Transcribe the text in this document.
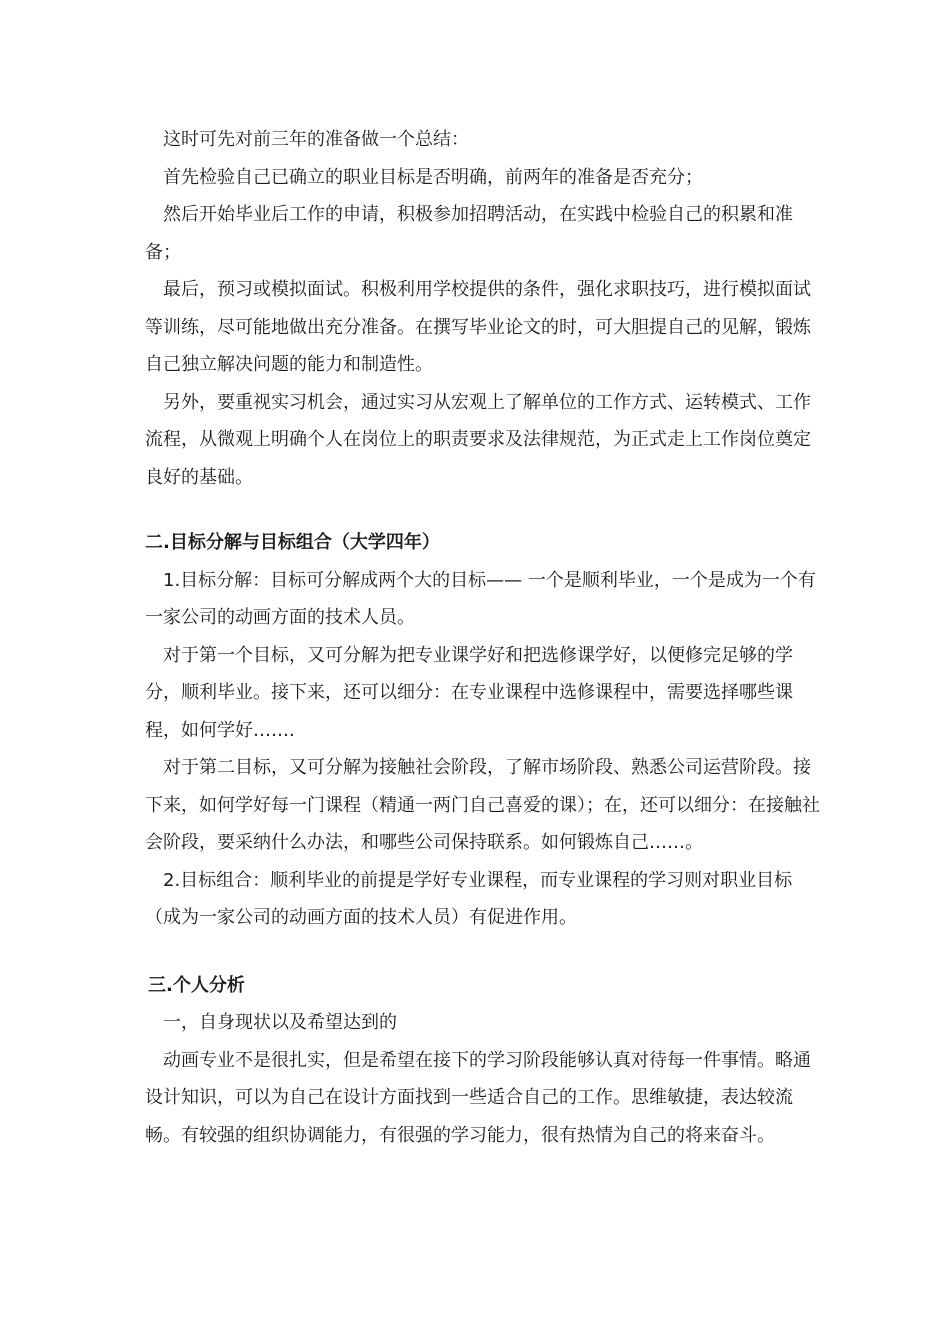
这时可先对前三年的准备做一个总结：

首先检验自己已确立的职业目标是否明确，前两年的准备是否充分；

然后开始毕业后工作的申请，积极参加招聘活动，在实践中检验自己的积累和准备；

最后，预习或模拟面试。积极利用学校提供的条件，强化求职技巧，进行模拟面试等训练，尽可能地做出充分准备。在撰写毕业论文的时，可大胆提自己的见解，锻炼自己独立解决问题的能力和制造性。

另外，要重视实习机会，通过实习从宏观上了解单位的工作方式、运转模式、工作流程，从微观上明确个人在岗位上的职责要求及法律规范，为正式走上工作岗位奠定良好的基础。

二.目标分解与目标组合（大学四年）

1.目标分解：目标可分解成两个大的目标—— 一个是顺利毕业，一个是成为一个有一家公司的动画方面的技术人员。

对于第一个目标，又可分解为把专业课学好和把选修课学好，以便修完足够的学分，顺利毕业。接下来，还可以细分：在专业课程中选修课程中，需要选择哪些课程，如何学好…….

对于第二目标，又可分解为接触社会阶段，了解市场阶段、熟悉公司运营阶段。接下来，如何学好每一门课程（精通一两门自己喜爱的课）；在，还可以细分：在接触社会阶段，要采纳什么办法，和哪些公司保持联系。如何锻炼自己……。

2.目标组合：顺利毕业的前提是学好专业课程，而专业课程的学习则对职业目标（成为一家公司的动画方面的技术人员）有促进作用。

三.个人分析

一，自身现状以及希望达到的

动画专业不是很扎实，但是希望在接下的学习阶段能够认真对待每一件事情。略通设计知识，可以为自己在设计方面找到一些适合自己的工作。思维敏捷，表达较流畅。有较强的组织协调能力，有很强的学习能力，很有热情为自己的将来奋斗。
